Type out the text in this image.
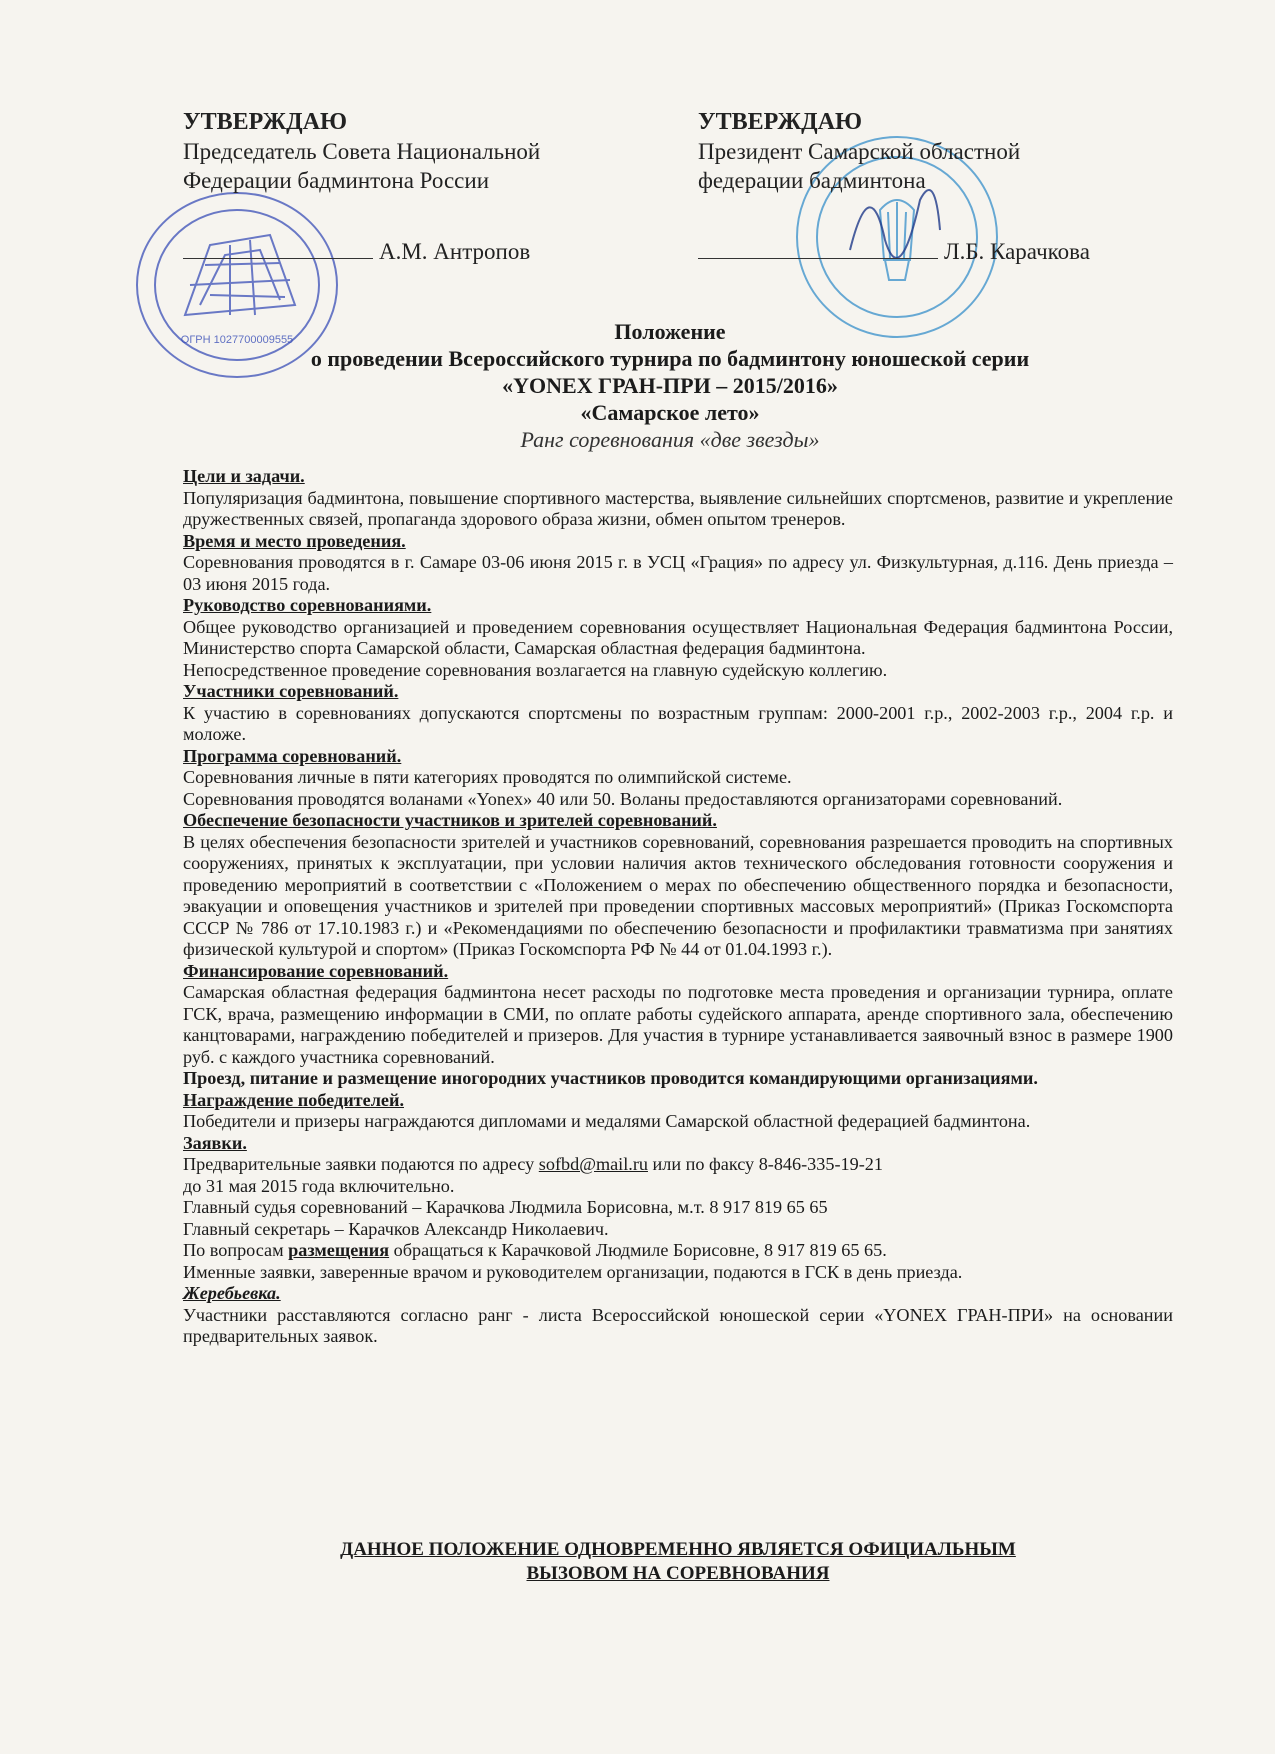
ОГРН 1027700009555
УТВЕРЖДАЮ
Председатель Совета Национальной
Федерации бадминтона России
А.М. Антропов
УТВЕРЖДАЮ
Президент Самарской областной
федерации бадминтона
Л.Б. Карачкова
Положение
о проведении Всероссийского турнира по бадминтону юношеской серии
«YONEX ГРАН-ПРИ – 2015/2016»
«Самарское лето»
Ранг соревнования «две звезды»
Цели и задачи.

Популяризация бадминтона, повышение спортивного мастерства, выявление сильнейших спортсменов, развитие и укрепление дружественных связей, пропаганда здорового образа жизни, обмен опытом тренеров.

Время и место проведения.

Соревнования проводятся в г. Самаре 03-06 июня 2015 г. в УСЦ «Грация» по адресу ул. Физкультурная, д.116. День приезда – 03 июня 2015 года.

Руководство соревнованиями.

Общее руководство организацией и проведением соревнования осуществляет Национальная Федерация бадминтона России, Министерство спорта Самарской области, Самарская областная федерация бадминтона.

Непосредственное проведение соревнования возлагается на главную судейскую коллегию.

Участники соревнований.

К участию в соревнованиях допускаются спортсмены по возрастным группам: 2000-2001 г.р., 2002-2003 г.р., 2004 г.р. и моложе.

Программа соревнований.

Соревнования личные в пяти категориях проводятся по олимпийской системе.

Соревнования проводятся воланами «Yonex» 40 или 50. Воланы предоставляются организаторами соревнований.

Обеспечение безопасности участников и зрителей соревнований.

В целях обеспечения безопасности зрителей и участников соревнований, соревнования разрешается проводить на спортивных сооружениях, принятых к эксплуатации, при условии наличия актов технического обследования готовности сооружения и проведению мероприятий в соответствии с «Положением о мерах по обеспечению общественного порядка и безопасности, эвакуации и оповещения участников и зрителей при проведении спортивных массовых мероприятий» (Приказ Госкомспорта СССР № 786 от 17.10.1983 г.) и «Рекомендациями по обеспечению безопасности и профилактики травматизма при занятиях физической культурой и спортом» (Приказ Госкомспорта РФ № 44 от 01.04.1993 г.).

Финансирование соревнований.

Самарская областная федерация бадминтона несет расходы по подготовке места проведения и организации турнира, оплате ГСК, врача, размещению информации в СМИ, по оплате работы судейского аппарата, аренде спортивного зала, обеспечению канцтоварами, награждению победителей и призеров. Для участия в турнире устанавливается заявочный взнос в размере 1900 руб. с каждого участника соревнований.

Проезд, питание и размещение иногородних участников проводится командирующими организациями.

Награждение победителей.

Победители и призеры награждаются дипломами и медалями Самарской областной федерацией бадминтона.

Заявки.

Предварительные заявки подаются по адресу sofbd@mail.ru или по факсу 8-846-335-19-21

до 31 мая 2015 года включительно.

Главный судья соревнований – Карачкова Людмила Борисовна, м.т. 8 917 819 65 65

Главный секретарь – Карачков Александр Николаевич.

По вопросам размещения обращаться к Карачковой Людмиле Борисовне, 8 917 819 65 65.

Именные заявки, заверенные врачом и руководителем организации, подаются в ГСК в день приезда.

Жеребьевка.

Участники расставляются согласно ранг - листа Всероссийской юношеской серии «YONEX ГРАН-ПРИ» на основании предварительных заявок.

ДАННОЕ ПОЛОЖЕНИЕ ОДНОВРЕМЕННО ЯВЛЯЕТСЯ ОФИЦИАЛЬНЫМ
ВЫЗОВОМ НА СОРЕВНОВАНИЯ
